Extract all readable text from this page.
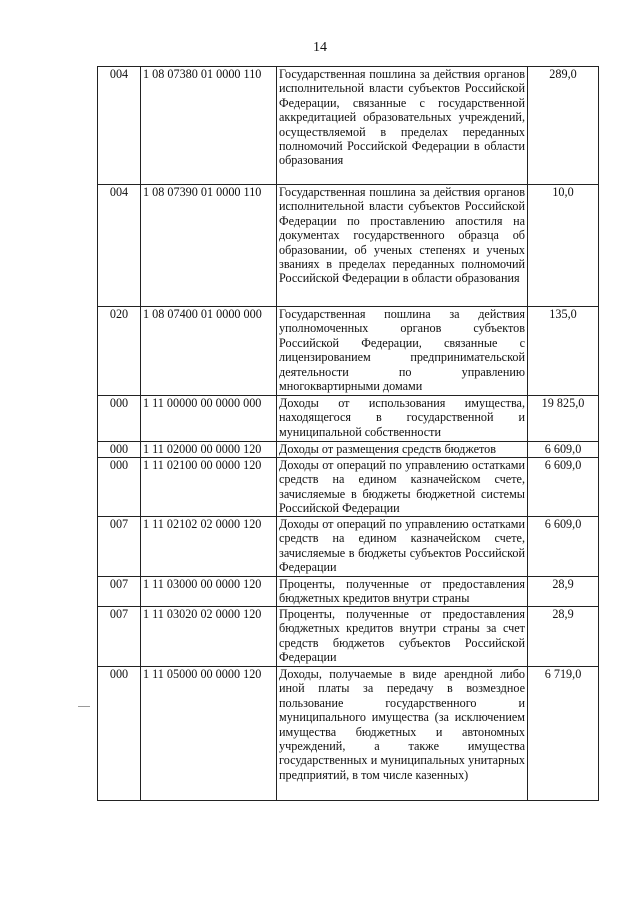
14
004	1 08 07380 01 0000 110	Государственная пошлина за действия органов исполнительной власти субъектов Российской Федерации, связанные с государственной аккредитацией образовательных учреждений, осуществляемой в пределах переданных полномочий Российской Федерации в области образования	289,0
004	1 08 07390 01 0000 110	Государственная пошлина за действия органов исполнительной власти субъектов Российской Федерации по проставлению апостиля на документах государственного образца об образовании, об ученых степенях и ученых званиях в пределах переданных полномочий Российской Федерации в области образования	10,0
020	1 08 07400 01 0000 000	Государственная пошлина за действия уполномоченных органов субъектов Российской Федерации, связанные с лицензированием предпринимательской деятельности по управлению многоквартирными домами	135,0
000	1 11 00000 00 0000 000	Доходы от использования имущества, находящегося в государственной и муниципальной собственности	19 825,0
000	1 11 02000 00 0000 120	Доходы от размещения средств бюджетов	6 609,0
000	1 11 02100 00 0000 120	Доходы от операций по управлению остатками средств на едином казначейском счете, зачисляемые в бюджеты бюджетной системы Российской Федерации	6 609,0
007	1 11 02102 02 0000 120	Доходы от операций по управлению остатками средств на едином казначейском счете, зачисляемые в бюджеты субъектов Российской Федерации	6 609,0
007	1 11 03000 00 0000 120	Проценты, полученные от предоставления бюджетных кредитов внутри страны	28,9
007	1 11 03020 02 0000 120	Проценты, полученные от предоставления бюджетных кредитов внутри страны за счет средств бюджетов субъектов Российской Федерации	28,9
000	1 11 05000 00 0000 120	Доходы, получаемые в виде арендной либо иной платы за передачу в возмездное пользование государственного и муниципального имущества (за исключением имущества бюджетных и автономных учреждений, а также имущества государственных и муниципальных унитарных предприятий, в том числе казенных)	6 719,0
